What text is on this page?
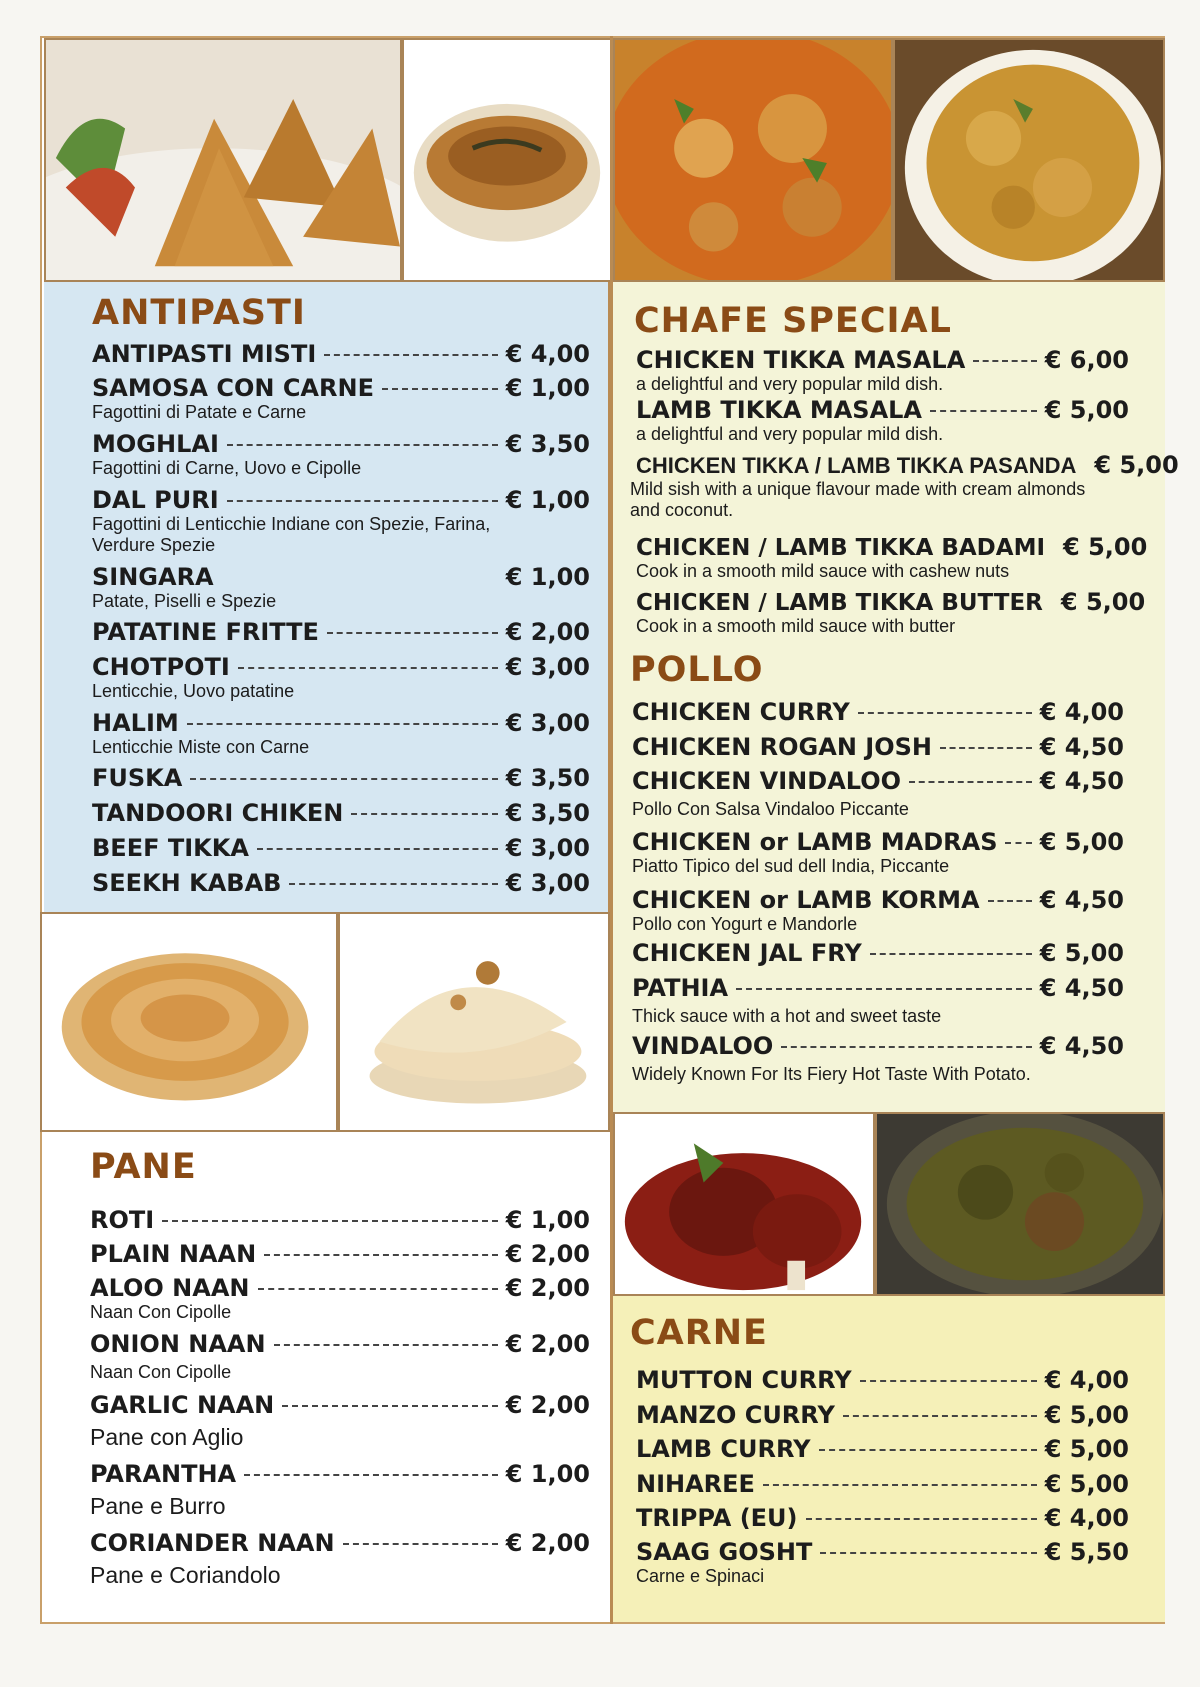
ANTIPASTI
ANTIPASTI MISTI	€ 4,00
SAMOSA CON CARNE	€ 1,00
Fagottini di Patate e Carne
MOGHLAI	€ 3,50
Fagottini di Carne, Uovo e Cipolle
DAL PURI	€ 1,00
Fagottini di Lenticchie Indiane con Spezie, Farina, Verdure Spezie
SINGARA	€ 1,00
Patate, Piselli e Spezie
PATATINE FRITTE	€ 2,00
CHOTPOTI	€ 3,00
Lenticchie, Uovo patatine
HALIM	€ 3,00
Lenticchie Miste con Carne
FUSKA	€ 3,50
TANDOORI CHIKEN	€ 3,50
BEEF TIKKA	€ 3,00
SEEKH KABAB	€ 3,00
PANE
ROTI	€ 1,00
PLAIN NAAN	€ 2,00
ALOO NAAN	€ 2,00
Naan Con Cipolle
ONION NAAN	€ 2,00
Naan Con Cipolle
GARLIC NAAN	€ 2,00
Pane con Aglio
PARANTHA	€ 1,00
Pane e Burro
CORIANDER NAAN	€ 2,00
Pane e Coriandolo
CHAFE SPECIAL
CHICKEN TIKKA MASALA	€ 6,00
a delightful and very popular mild dish.
LAMB TIKKA MASALA	€ 5,00
a delightful and very popular mild dish.
CHICKEN TIKKA / LAMB TIKKA PASANDA € 5,00
Mild sish with a unique flavour made with cream almonds and coconut.
CHICKEN / LAMB TIKKA BADAMI € 5,00
Cook in a smooth mild sauce with cashew nuts
CHICKEN / LAMB TIKKA BUTTER € 5,00
Cook in a smooth mild sauce with butter
POLLO
CHICKEN CURRY	€ 4,00
CHICKEN ROGAN JOSH	€ 4,50
CHICKEN VINDALOO	€ 4,50
Pollo Con Salsa Vindaloo Piccante
CHICKEN or LAMB MADRAS € 5,00
Piatto Tipico del sud dell India, Piccante
CHICKEN or LAMB KORMA	€ 4,50
Pollo con Yogurt e Mandorle
CHICKEN JAL FRY	€ 5,00
PATHIA	€ 4,50
Thick sauce with a hot and sweet taste
VINDALOO	€ 4,50
Widely Known For Its Fiery Hot Taste With Potato.
CARNE
MUTTON CURRY	€ 4,00
MANZO CURRY	€ 5,00
LAMB CURRY	€ 5,00
NIHAREE	€ 5,00
TRIPPA (EU)	€ 4,00
SAAG GOSHT	€ 5,50
Carne e Spinaci
